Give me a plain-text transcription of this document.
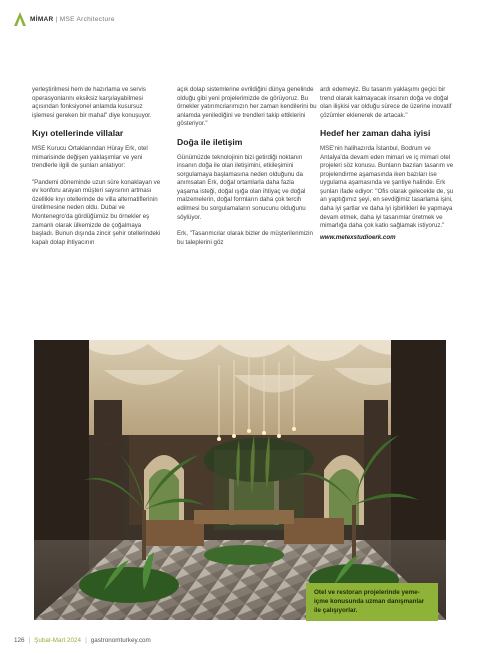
MİMAR | MSE Architecture

yerleştirilmesi hem de hazırlama ve servis operasyonlarını eksiksiz karşılayabilmesi açısından fonksiyonel anlamda kusursuz işlemesi gereken bir mahal" diye konuşuyor.

Kıyı otellerinde villalar

MSE Kurucu Ortaklarından Hüray Erk, otel mimarisinde değişen yaklaşımlar ve yeni trendlerle ilgili de şunları anlatıyor:

"Pandemi döneminde uzun süre konaklayan ve ev konforu arayan müşteri sayısının artması özellikle kıyı otellerinde de villa alternatiflerinin üretilmesine neden oldu. Dubai ve Montenegro'da gördüğümüz bu örnekler eş zamanlı olarak ülkemizde de çoğalmaya başladı. Bunun dışında zincir şehir otellerindeki kapalı dolap ihtiyacının

açık dolap sistemlerine evrildiğini dünya genelinde olduğu gibi yeni projelerimizde de görüyoruz. Bu örnekler yatırımcılarımızın her zaman kendilerini bu anlamda yenilediğini ve trendleri takip ettiklerini gösteriyor."

Doğa ile iletişim

Günümüzde teknolojinin bizi getirdiği noktanın insanın doğa ile olan iletişimini, etkileşimini sorgulamaya başlamasına neden olduğunu da anımsatan Erk, doğal ortamlarla daha fazla yaşama isteği, doğal ışığa olan ihtiyaç ve doğal malzemelerin, doğal formların daha çok tercih edilmesi bu sorgulamaların sonucunu olduğunu söylüyor.

Erk, "Tasarımcılar olarak bizler de müşterilerimizin bu taleplerini göz

ardı edemeyiz. Bu tasarım yaklaşımı geçici bir trend olarak kalmayacak insanın doğa ve doğal olan ilişkisi var olduğu sürece de üzerine inovatif çözümler eklenerek de artacak."

Hedef her zaman daha iyisi

MSE'nin halihazırda İstanbul, Bodrum ve Antalya'da devam eden mimari ve iç mimari otel projeleri söz konusu. Bunların bazıları tasarım ve projelendirme aşamasında iken bazıları ise uygulama aşamasında ve şantiye halinde. Erk şunları ifade ediyor: "Ofis olarak gelecekte de, şu an yaptığımız şeyi, en sevdiğimiz tasarlama işini, daha iyi şartlar ve daha iyi işbirlikleri ile yapmaya devam etmek, daha iyi tasarımlar üretmek ve mimarlığa daha çok katkı sağlamak istiyoruz."

www.metexstudioerk.com

Otel ve restoran projelerinde yeme-içme konusunda uzman danışmanlar ile çalışıyorlar.
126 | Şubat-Mart 2024 | gastronomturkey.com
